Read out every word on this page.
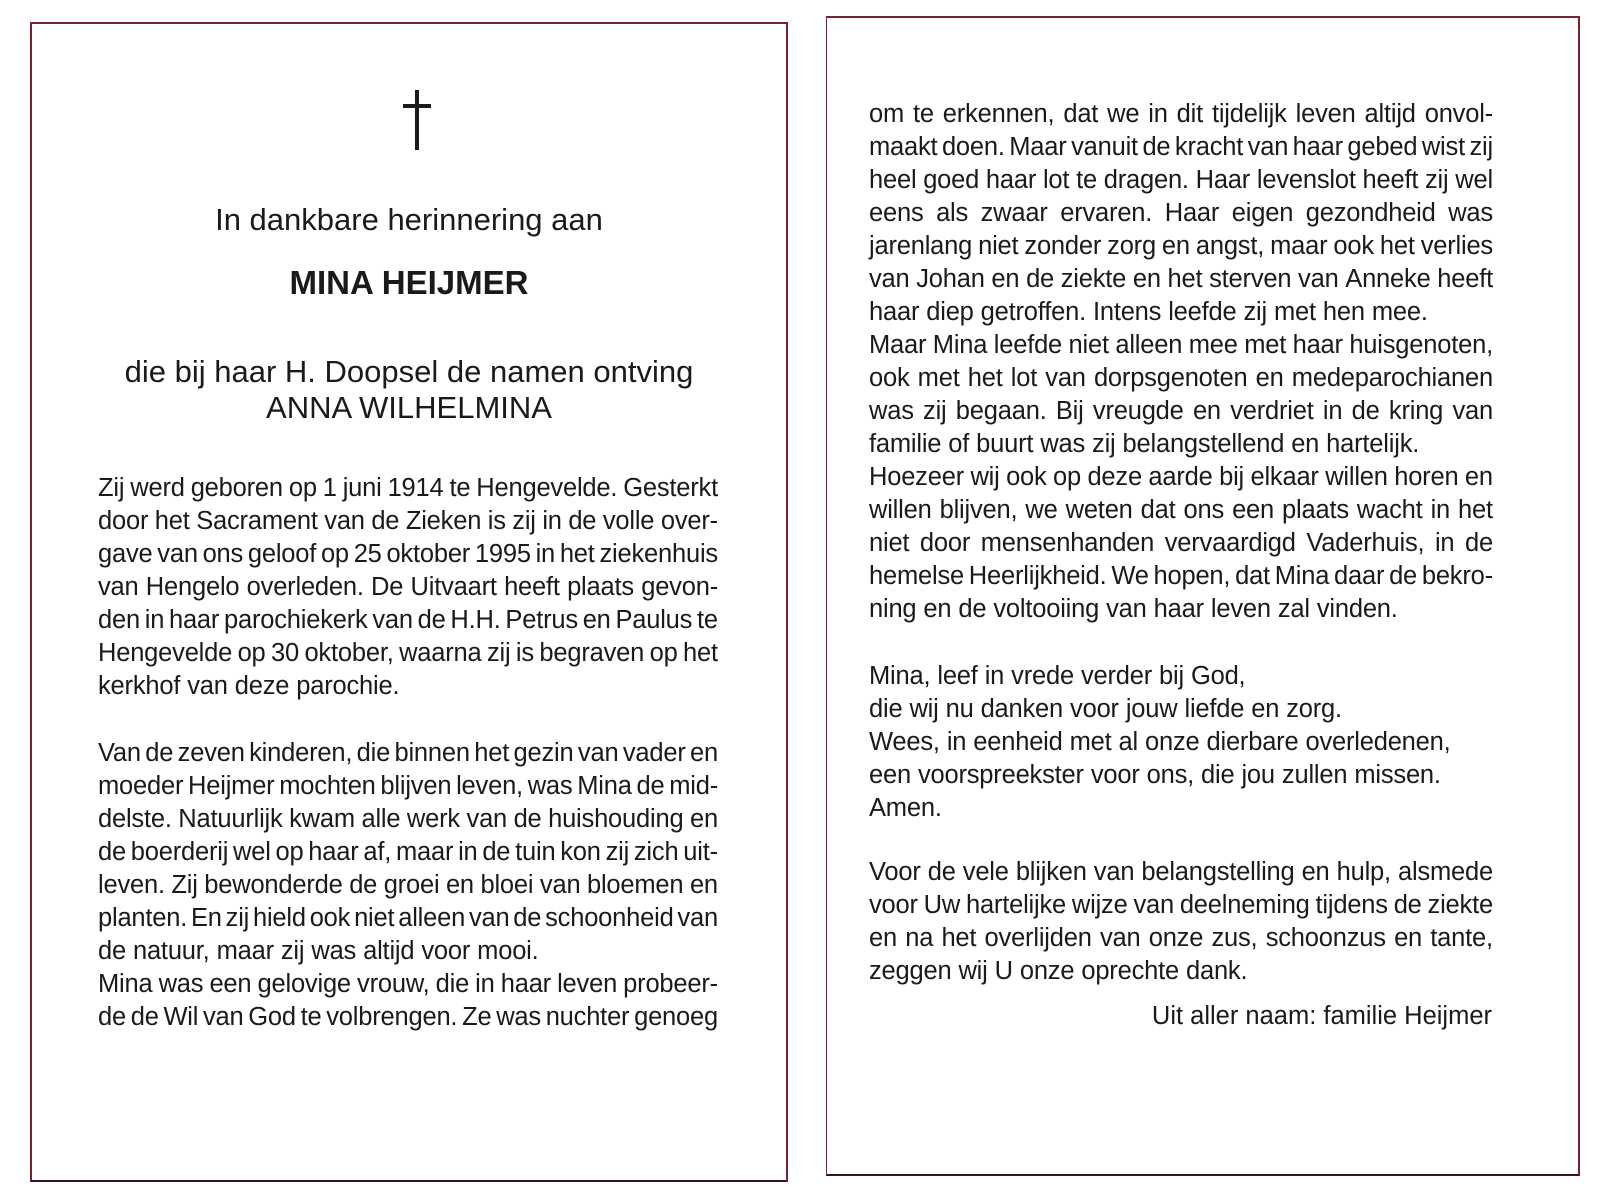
In dankbare herinnering aan
MINA HEIJMER
die bij haar H. Doopsel de namen ontving
ANNA WILHELMINA
Zij werd geboren op 1 juni 1914 te Hengevelde. Gesterkt
door het Sacrament van de Zieken is zij in de volle over-
gave van ons geloof op 25 oktober 1995 in het ziekenhuis
van Hengelo overleden. De Uitvaart heeft plaats gevon-
den in haar parochiekerk van de H.H. Petrus en Paulus te
Hengevelde op 30 oktober, waarna zij is begraven op het
kerkhof van deze parochie.
Van de zeven kinderen, die binnen het gezin van vader en
moeder Heijmer mochten blijven leven, was Mina de mid-
delste. Natuurlijk kwam alle werk van de huishouding en
de boerderij wel op haar af, maar in de tuin kon zij zich uit-
leven. Zij bewonderde de groei en bloei van bloemen en
planten. En zij hield ook niet alleen van de schoonheid van
de natuur, maar zij was altijd voor mooi.
Mina was een gelovige vrouw, die in haar leven probeer-
de de Wil van God te volbrengen. Ze was nuchter genoeg
om te erkennen, dat we in dit tijdelijk leven altijd onvol-
maakt doen. Maar vanuit de kracht van haar gebed wist zij
heel goed haar lot te dragen. Haar levenslot heeft zij wel
eens als zwaar ervaren. Haar eigen gezondheid was
jarenlang niet zonder zorg en angst, maar ook het verlies
van Johan en de ziekte en het sterven van Anneke heeft
haar diep getroffen. Intens leefde zij met hen mee.
Maar Mina leefde niet alleen mee met haar huisgenoten,
ook met het lot van dorpsgenoten en medeparochianen
was zij begaan. Bij vreugde en verdriet in de kring van
familie of buurt was zij belangstellend en hartelijk.
Hoezeer wij ook op deze aarde bij elkaar willen horen en
willen blijven, we weten dat ons een plaats wacht in het
niet door mensenhanden vervaardigd Vaderhuis, in de
hemelse Heerlijkheid. We hopen, dat Mina daar de bekro-
ning en de voltooiing van haar leven zal vinden.
Mina, leef in vrede verder bij God,
die wij nu danken voor jouw liefde en zorg.
Wees, in eenheid met al onze dierbare overledenen,
een voorspreekster voor ons, die jou zullen missen.
Amen.
Voor de vele blijken van belangstelling en hulp, alsmede
voor Uw hartelijke wijze van deelneming tijdens de ziekte
en na het overlijden van onze zus, schoonzus en tante,
zeggen wij U onze oprechte dank.
Uit aller naam: familie Heijmer
